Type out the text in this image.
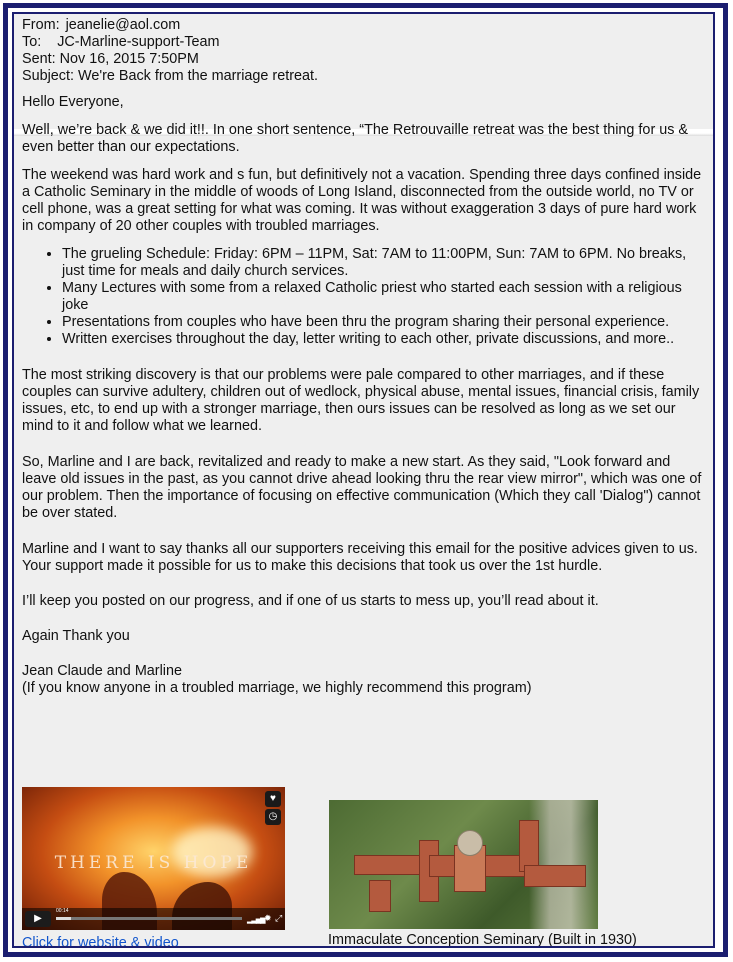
From: jeanelie@aol.com
To: JC-Marline-support-Team
Sent: Nov 16, 2015 7:50PM
Subject: We're Back from the marriage retreat.
Hello Everyone,

Well, we’re back & we did it!!. In one short sentence, “The Retrouvaille retreat was the best thing for us & even better than our expectations.

The weekend was hard work and s fun, but definitively not a vacation. Spending three days confined inside a Catholic Seminary in the middle of woods of Long Island, disconnected from the outside world, no TV or cell phone, was a great setting for what was coming. It was without exaggeration 3 days of pure hard work in company of 20 other couples with troubled marriages.

• The grueling Schedule: Friday: 6PM – 11PM, Sat: 7AM to 11:00PM, Sun: 7AM to 6PM. No breaks, just time for meals and daily church services.
• Many Lectures with some from a relaxed Catholic priest who started each session with a religious joke
• Presentations from couples who have been thru the program sharing their personal experience.
• Written exercises throughout the day, letter writing to each other, private discussions, and more..

The most striking discovery is that our problems were pale compared to other marriages, and if these couples can survive adultery, children out of wedlock, physical abuse, mental issues, financial crisis, family issues, etc, to end up with a stronger marriage, then ours issues can be resolved as long as we set our mind to it and follow what we learned.

So, Marline and I are back, revitalized and ready to make a new start. As they said, "Look forward and leave old issues in the past, as you cannot drive ahead looking thru the rear view mirror", which was one of our problem. Then the importance of focusing on effective communication (Which they call 'Dialog") cannot be over stated.

Marline and I want to say thanks all our supporters receiving this email for the positive advices given to us. Your support made it possible for us to make this decisions that took us over the 1st hurdle.

I’ll keep you posted on our progress, and if one of us starts to mess up, you’ll read about it.

Again Thank you

Jean Claude and Marline

(If you know anyone in a troubled marriage, we highly recommend this program)

THERE IS HOPE
♥
◷
▶
00:14
▂▃▅▆ ✹ ⤢
Click for website & video	Immaculate Conception Seminary (Built in 1930)
